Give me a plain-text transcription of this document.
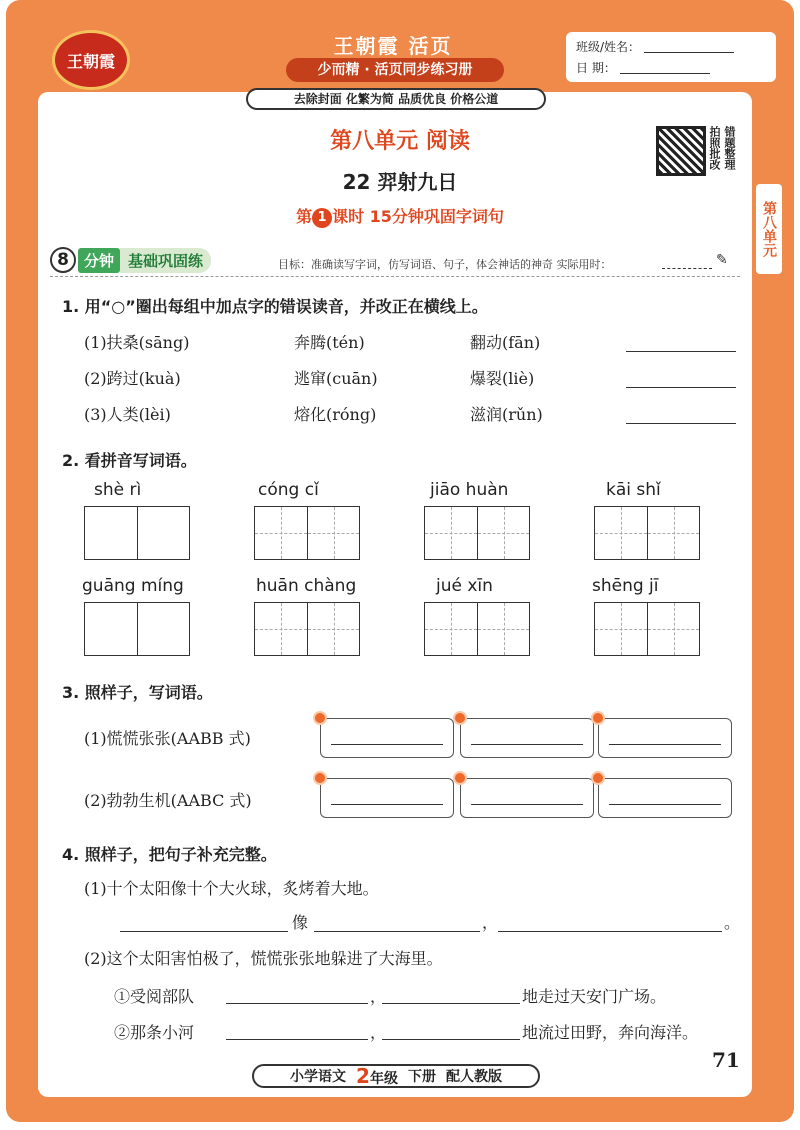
王朝霞
王朝霞 活页
少而精 · 活页同步练习册
去除封面 化繁为简 品质优良 价格公道
班级/姓名：
日 期：
拍照批改 错题整理
第八单元
第八单元 阅读
22 羿射九日
第 1 课时 15分钟巩固字词句
8	分钟 基础巩固练	目标：准确读写字词，仿写词语、句子，体会神话的神奇 实际用时：	✎
1. 用“○”圈出每组中加点字的错误读音，并改正在横线上。
(1)扶桑(sāng)	奔腾(tén)	翻动(fān)
(2)跨过(kuà)	逃窜(cuān)	爆裂(liè)
(3)人类(lèi)	熔化(róng)	滋润(rǔn)
2. 看拼音写词语。
shè rì	cóng cǐ	jiāo huàn	kāi shǐ
guāng míng	huān chàng	jué xīn	shēng jī
3. 照样子，写词语。
(1)慌慌张张(AABB 式)
(2)勃勃生机(AABC 式)
4. 照样子，把句子补充完整。
(1)十个太阳像十个大火球，炙烤着大地。
像	，	。
(2)这个太阳害怕极了，慌慌张张地躲进了大海里。
①受阅部队	，	地走过天安门广场。
②那条小河	，	地流过田野，奔向海洋。
小学语文 2年级 下册 配人教版
71
